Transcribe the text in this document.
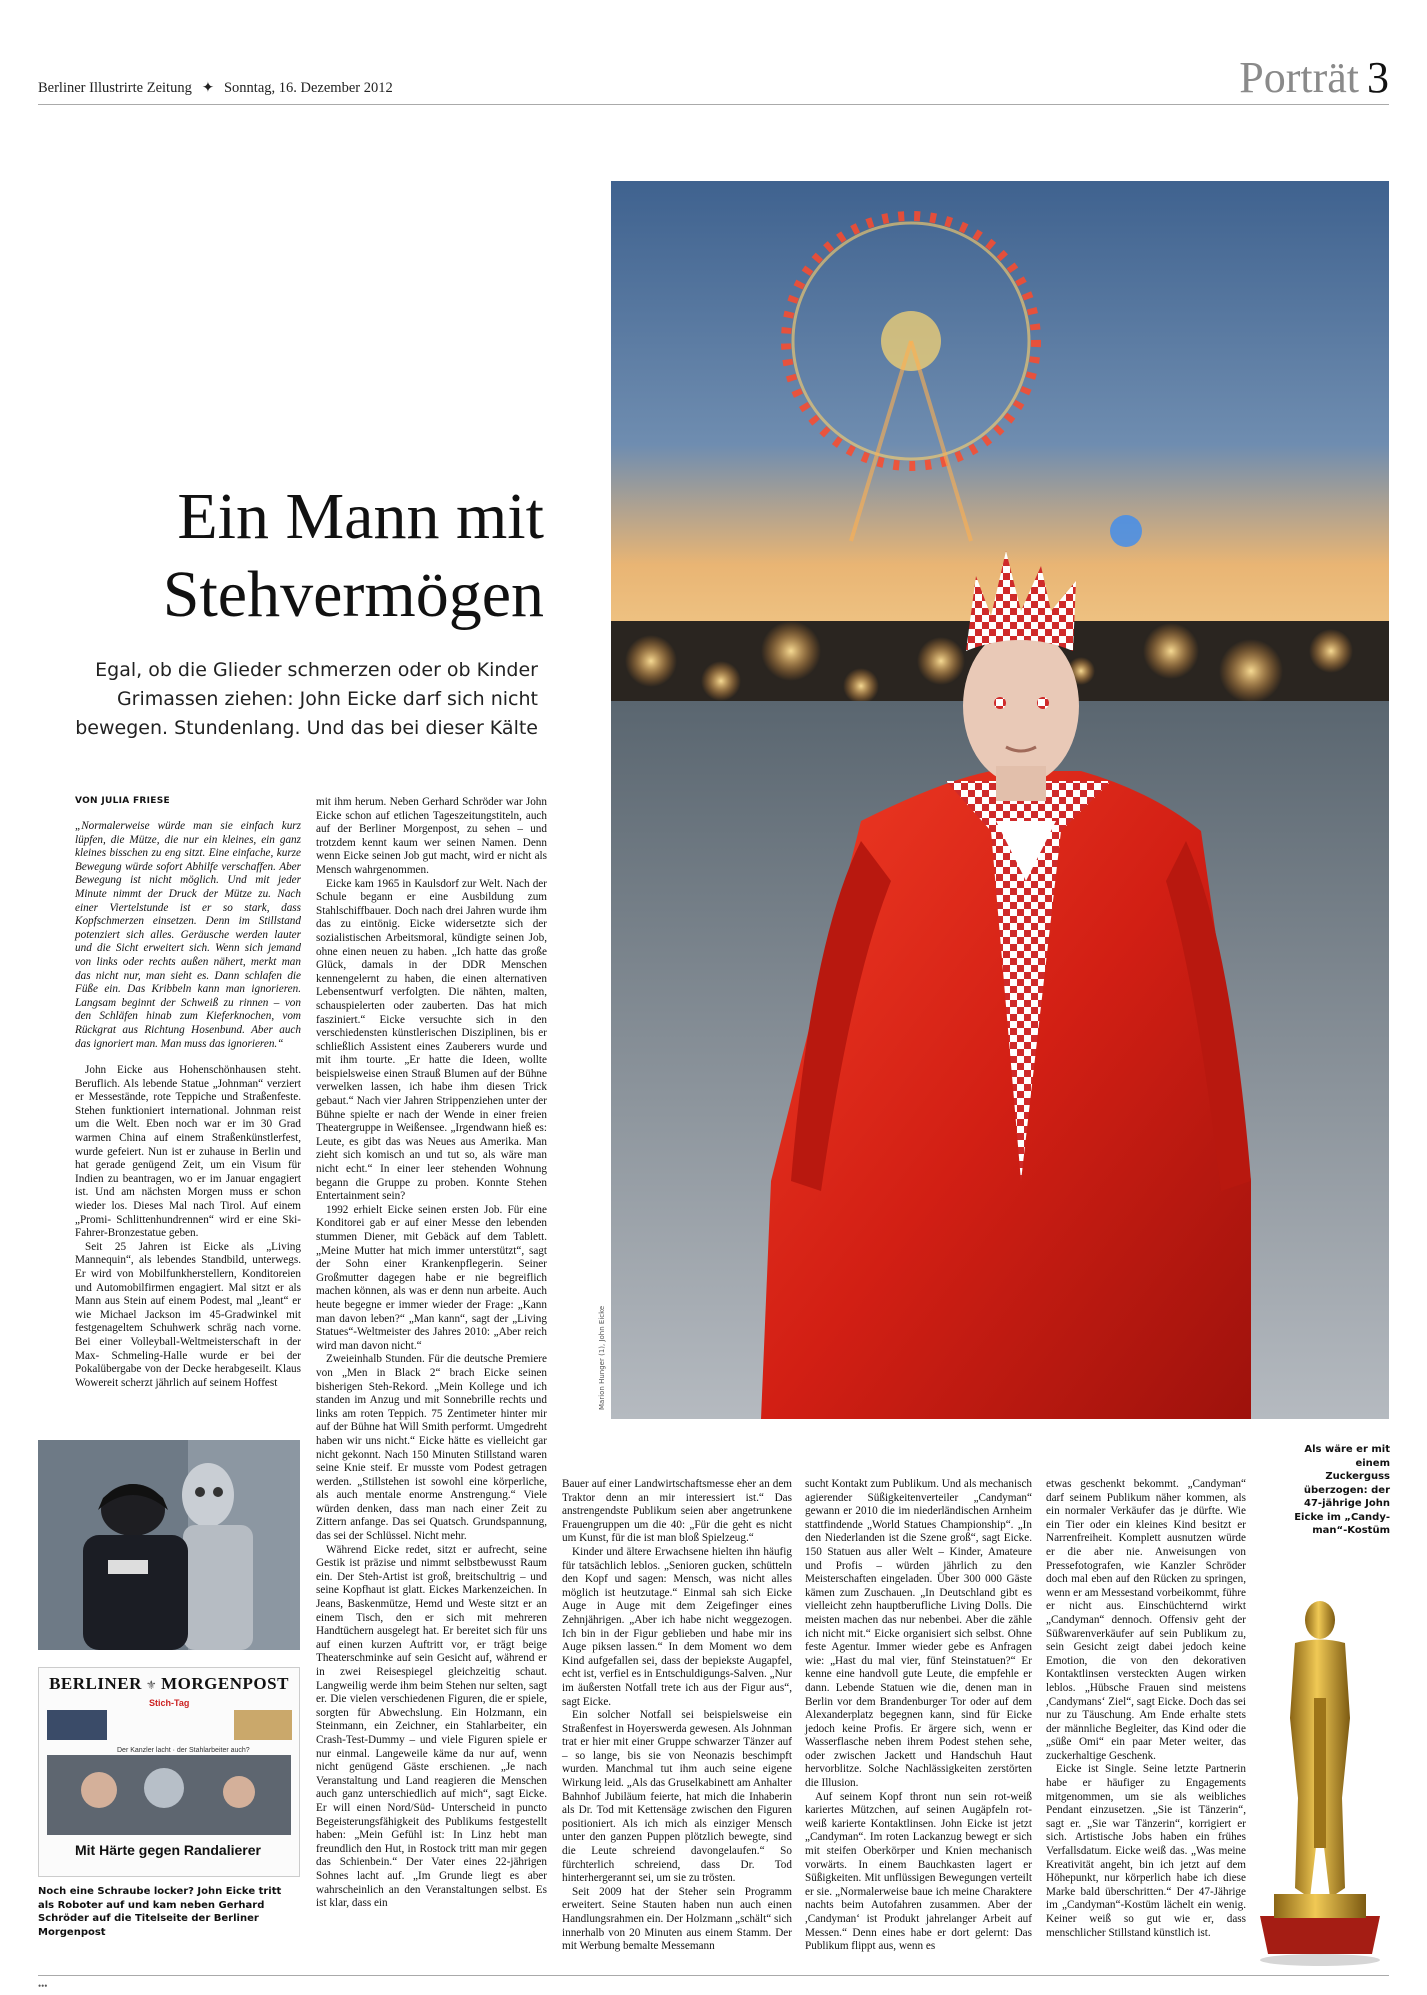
Berliner Illustrirte Zeitung ✦ Sonntag, 16. Dezember 2012	Porträt 3
Ein Mann mit
Stehvermögen
Egal, ob die Glieder schmerzen oder ob Kinder
Grimassen ziehen: John Eicke darf sich nicht
bewegen. Stundenlang. Und das bei dieser Kälte
Marion Hunger (1), John Eicke
Als wäre er mit einem Zuckerguss überzogen: der 47-jährige John Eicke im „Candy-man“-Kostüm
VON JULIA FRIESE

„Normalerweise würde man sie einfach kurz lüpfen, die Mütze, die nur ein kleines, ein ganz kleines bisschen zu eng sitzt. Eine einfache, kurze Bewegung würde sofort Abhilfe verschaffen. Aber Bewegung ist nicht möglich. Und mit jeder Minute nimmt der Druck der Mütze zu. Nach einer Viertelstunde ist er so stark, dass Kopfschmerzen einsetzen. Denn im Stillstand potenziert sich alles. Geräusche werden lauter und die Sicht erweitert sich. Wenn sich jemand von links oder rechts außen nähert, merkt man das nicht nur, man sieht es. Dann schlafen die Füße ein. Das Kribbeln kann man ignorieren. Langsam beginnt der Schweiß zu rinnen – von den Schläfen hinab zum Kieferknochen, vom Rückgrat aus Richtung Hosenbund. Aber auch das ignoriert man. Man muss das ignorieren.“

John Eicke aus Hohenschönhausen steht. Beruflich. Als lebende Statue „Johnman“ verziert er Messestände, rote Teppiche und Straßenfeste. Stehen funktioniert international. Johnman reist um die Welt. Eben noch war er im 30 Grad warmen China auf einem Straßenkünstlerfest, wurde gefeiert. Nun ist er zuhause in Berlin und hat gerade genügend Zeit, um ein Visum für Indien zu beantragen, wo er im Januar engagiert ist. Und am nächsten Morgen muss er schon wieder los. Dieses Mal nach Tirol. Auf einem „Promi- Schlittenhundrennen“ wird er eine Ski-Fahrer-Bronzestatue geben.

Seit 25 Jahren ist Eicke als „Living Mannequin“, als lebendes Standbild, unterwegs. Er wird von Mobilfunkherstellern, Konditoreien und Automobilfirmen engagiert. Mal sitzt er als Mann aus Stein auf einem Podest, mal „leant“ er wie Michael Jackson im 45-Gradwinkel mit festgenageltem Schuhwerk schräg nach vorne. Bei einer Volleyball-Weltmeisterschaft in der Max- Schmeling-Halle wurde er bei der Pokalübergabe von der Decke herabgeseilt. Klaus Wowereit scherzt jährlich auf seinem Hoffest

mit ihm herum. Neben Gerhard Schröder war John Eicke schon auf etlichen Tageszeitungstiteln, auch auf der Berliner Morgenpost, zu sehen – und trotzdem kennt kaum wer seinen Namen. Denn wenn Eicke seinen Job gut macht, wird er nicht als Mensch wahrgenommen.

Eicke kam 1965 in Kaulsdorf zur Welt. Nach der Schule begann er eine Ausbildung zum Stahlschiffbauer. Doch nach drei Jahren wurde ihm das zu eintönig. Eicke widersetzte sich der sozialistischen Arbeitsmoral, kündigte seinen Job, ohne einen neuen zu haben. „Ich hatte das große Glück, damals in der DDR Menschen kennengelernt zu haben, die einen alternativen Lebensentwurf verfolgten. Die nähten, malten, schauspielerten oder zauberten. Das hat mich fasziniert.“ Eicke versuchte sich in den verschiedensten künstlerischen Disziplinen, bis er schließlich Assistent eines Zauberers wurde und mit ihm tourte. „Er hatte die Ideen, wollte beispielsweise einen Strauß Blumen auf der Bühne verwelken lassen, ich habe ihm diesen Trick gebaut.“ Nach vier Jahren Strippenziehen unter der Bühne spielte er nach der Wende in einer freien Theatergruppe in Weißensee. „Irgendwann hieß es: Leute, es gibt das was Neues aus Amerika. Man zieht sich komisch an und tut so, als wäre man nicht echt.“ In einer leer stehenden Wohnung begann die Gruppe zu proben. Konnte Stehen Entertainment sein?

1992 erhielt Eicke seinen ersten Job. Für eine Konditorei gab er auf einer Messe den lebenden stummen Diener, mit Gebäck auf dem Tablett. „Meine Mutter hat mich immer unterstützt“, sagt der Sohn einer Krankenpflegerin. Seiner Großmutter dagegen habe er nie begreiflich machen können, als was er denn nun arbeite. Auch heute begegne er immer wieder der Frage: „Kann man davon leben?“ „Man kann“, sagt der „Living Statues“-Weltmeister des Jahres 2010: „Aber reich wird man davon nicht.“

Zweieinhalb Stunden. Für die deutsche Premiere von „Men in Black 2“ brach Eicke seinen bisherigen Steh-Rekord. „Mein Kollege und ich standen im Anzug und mit Sonnebrille rechts und links am roten Teppich. 75 Zentimeter hinter mir auf der Bühne hat Will Smith performt. Umgedreht haben wir uns nicht.“ Eicke hätte es vielleicht gar nicht gekonnt. Nach 150 Minuten Stillstand waren seine Knie steif. Er musste vom Podest getragen werden. „Stillstehen ist sowohl eine körperliche, als auch mentale enorme Anstrengung.“ Viele würden denken, dass man nach einer Zeit zu Zittern anfange. Das sei Quatsch. Grundspannung, das sei der Schlüssel. Nicht mehr.

Während Eicke redet, sitzt er aufrecht, seine Gestik ist präzise und nimmt selbstbewusst Raum ein. Der Steh-Artist ist groß, breitschultrig – und seine Kopfhaut ist glatt. Eickes Markenzeichen. In Jeans, Baskenmütze, Hemd und Weste sitzt er an einem Tisch, den er sich mit mehreren Handtüchern ausgelegt hat. Er bereitet sich für uns auf einen kurzen Auftritt vor, er trägt beige Theaterschminke auf sein Gesicht auf, während er in zwei Reisespiegel gleichzeitig schaut. Langweilig werde ihm beim Stehen nur selten, sagt er. Die vielen verschiedenen Figuren, die er spiele, sorgten für Abwechslung. Ein Holzmann, ein Steinmann, ein Zeichner, ein Stahlarbeiter, ein Crash-Test-Dummy – und viele Figuren spiele er nur einmal. Langeweile käme da nur auf, wenn nicht genügend Gäste erschienen. „Je nach Veranstaltung und Land reagieren die Menschen auch ganz unterschiedlich auf mich“, sagt Eicke. Er will einen Nord/Süd- Unterscheid in puncto Begeisterungsfähigkeit des Publikums festgestellt haben: „Mein Gefühl ist: In Linz hebt man freundlich den Hut, in Rostock tritt man mir gegen das Schienbein.“ Der Vater eines 22-jährigen Sohnes lacht auf. „Im Grunde liegt es aber wahrscheinlich an den Veranstaltungen selbst. Es ist klar, dass ein

Bauer auf einer Landwirtschaftsmesse eher an dem Traktor denn an mir interessiert ist.“ Das anstrengendste Publikum seien aber angetrunkene Frauengruppen um die 40: „Für die geht es nicht um Kunst, für die ist man bloß Spielzeug.“

Kinder und ältere Erwachsene hielten ihn häufig für tatsächlich leblos. „Senioren gucken, schütteln den Kopf und sagen: Mensch, was nicht alles möglich ist heutzutage.“ Einmal sah sich Eicke Auge in Auge mit dem Zeigefinger eines Zehnjährigen. „Aber ich habe nicht weggezogen. Ich bin in der Figur geblieben und habe mir ins Auge piksen lassen.“ In dem Moment wo dem Kind aufgefallen sei, dass der bepiekste Augapfel, echt ist, verfiel es in Entschuldigungs-Salven. „Nur im äußersten Notfall trete ich aus der Figur aus“, sagt Eicke.

Ein solcher Notfall sei beispielsweise ein Straßenfest in Hoyerswerda gewesen. Als Johnman trat er hier mit einer Gruppe schwarzer Tänzer auf – so lange, bis sie von Neonazis beschimpft wurden. Manchmal tut ihm auch seine eigene Wirkung leid. „Als das Gruselkabinett am Anhalter Bahnhof Jubiläum feierte, hat mich die Inhaberin als Dr. Tod mit Kettensäge zwischen den Figuren positioniert. Als ich mich als einziger Mensch unter den ganzen Puppen plötzlich bewegte, sind die Leute schreiend davongelaufen.“ So fürchterlich schreiend, dass Dr. Tod hinterhergerannt sei, um sie zu trösten.

Seit 2009 hat der Steher sein Programm erweitert. Seine Stauten haben nun auch einen Handlungsrahmen ein. Der Holzmann „schält“ sich innerhalb von 20 Minuten aus einem Stamm. Der mit Werbung bemalte Messemann

sucht Kontakt zum Publikum. Und als mechanisch agierender Süßigkeitenverteiler „Candyman“ gewann er 2010 die im niederländischen Arnheim stattfindende „World Statues Championship“. „In den Niederlanden ist die Szene groß“, sagt Eicke. 150 Statuen aus aller Welt – Kinder, Amateure und Profis – würden jährlich zu den Meisterschaften eingeladen. Über 300 000 Gäste kämen zum Zuschauen. „In Deutschland gibt es vielleicht zehn hauptberufliche Living Dolls. Die meisten machen das nur nebenbei. Aber die zähle ich nicht mit.“ Eicke organisiert sich selbst. Ohne feste Agentur. Immer wieder gebe es Anfragen wie: „Hast du mal vier, fünf Steinstatuen?“ Er kenne eine handvoll gute Leute, die empfehle er dann. Lebende Statuen wie die, denen man in Berlin vor dem Brandenburger Tor oder auf dem Alexanderplatz begegnen kann, sind für Eicke jedoch keine Profis. Er ärgere sich, wenn er Wasserflasche neben ihrem Podest stehen sehe, oder zwischen Jackett und Handschuh Haut hervorblitze. Solche Nachlässigkeiten zerstörten die Illusion.

Auf seinem Kopf thront nun sein rot-weiß kariertes Mützchen, auf seinen Augäpfeln rot-weiß karierte Kontaktlinsen. John Eicke ist jetzt „Candyman“. Im roten Lackanzug bewegt er sich mit steifen Oberkörper und Knien mechanisch vorwärts. In einem Bauchkasten lagert er Süßigkeiten. Mit unflüssigen Bewegungen verteilt er sie. „Normalerweise baue ich meine Charaktere nachts beim Autofahren zusammen. Aber der ,Candyman‘ ist Produkt jahrelanger Arbeit auf Messen.“ Denn eines habe er dort gelernt: Das Publikum flippt aus, wenn es

etwas geschenkt bekommt. „Candyman“ darf seinem Publikum näher kommen, als ein normaler Verkäufer das je dürfte. Wie ein Tier oder ein kleines Kind besitzt er Narrenfreiheit. Komplett ausnutzen würde er die aber nie. Anweisungen von Pressefotografen, wie Kanzler Schröder doch mal eben auf den Rücken zu springen, wenn er am Messestand vorbeikommt, führe er nicht aus. Einschüchternd wirkt „Candyman“ dennoch. Offensiv geht der Süßwarenverkäufer auf sein Publikum zu, sein Gesicht zeigt dabei jedoch keine Emotion, die von den dekorativen Kontaktlinsen versteckten Augen wirken leblos. „Hübsche Frauen sind meistens ,Candymans‘ Ziel“, sagt Eicke. Doch das sei nur zu Täuschung. Am Ende erhalte stets der männliche Begleiter, das Kind oder die „süße Omi“ ein paar Meter weiter, das zuckerhaltige Geschenk.

Eicke ist Single. Seine letzte Partnerin habe er häufiger zu Engagements mitgenommen, um sie als weibliches Pendant einzusetzen. „Sie ist Tänzerin“, sagt er. „Sie war Tänzerin“, korrigiert er sich. Artistische Jobs haben ein frühes Verfallsdatum. Eicke weiß das. „Was meine Kreativität angeht, bin ich jetzt auf dem Höhepunkt, nur körperlich habe ich diese Marke bald überschritten.“ Der 47-Jährige im „Candyman“-Kostüm lächelt ein wenig. Keiner weiß so gut wie er, dass menschlicher Stillstand künstlich ist.

BERLINER ⚜ MORGENPOST
Stich-Tag
Der Kanzler lacht · der Stahlarbeiter auch?
Mit Härte gegen Randalierer
Noch eine Schraube locker? John Eicke tritt als Roboter auf und kam neben Gerhard Schröder auf die Titelseite der Berliner Morgenpost
•••
